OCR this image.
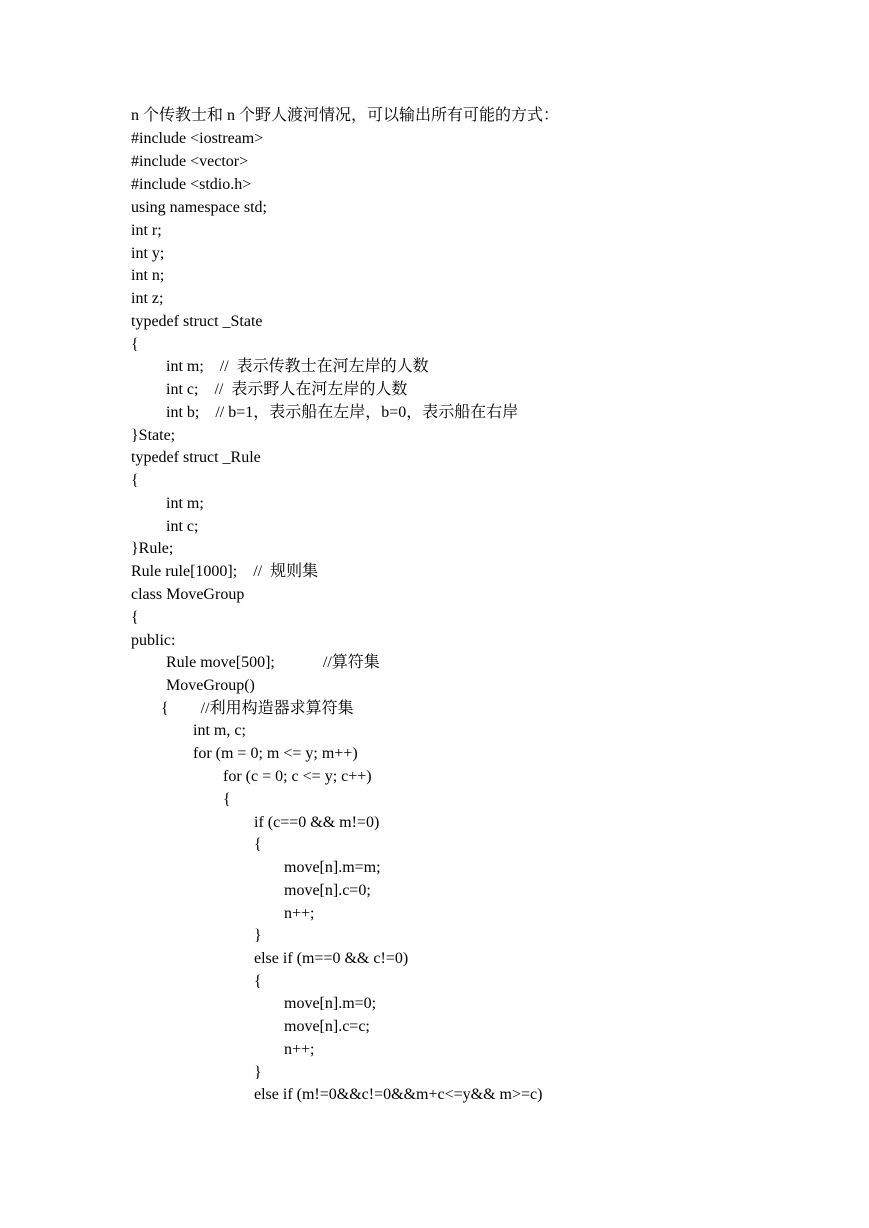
n 个传教士和 n 个野人渡河情况，可以输出所有可能的方式：
#include <iostream>
#include <vector>
#include <stdio.h>
using namespace std;
int r;
int y;
int n;
int z;
typedef struct _State
{
int m;    //  表示传教士在河左岸的人数
int c;    //  表示野人在河左岸的人数
int b;    // b=1，表示船在左岸，b=0，表示船在右岸
}State;
typedef struct _Rule
{
int m;
int c;
}Rule;
Rule rule[1000];    //  规则集
class MoveGroup
{
public:
Rule move[500];            //算符集
MoveGroup()
{        //利用构造器求算符集
int m, c;
for (m = 0; m <= y; m++)
for (c = 0; c <= y; c++)
{
if (c==0 && m!=0)
{
move[n].m=m;
move[n].c=0;
n++;
}
else if (m==0 && c!=0)
{
move[n].m=0;
move[n].c=c;
n++;
}
else if (m!=0&&c!=0&&m+c<=y&& m>=c)
